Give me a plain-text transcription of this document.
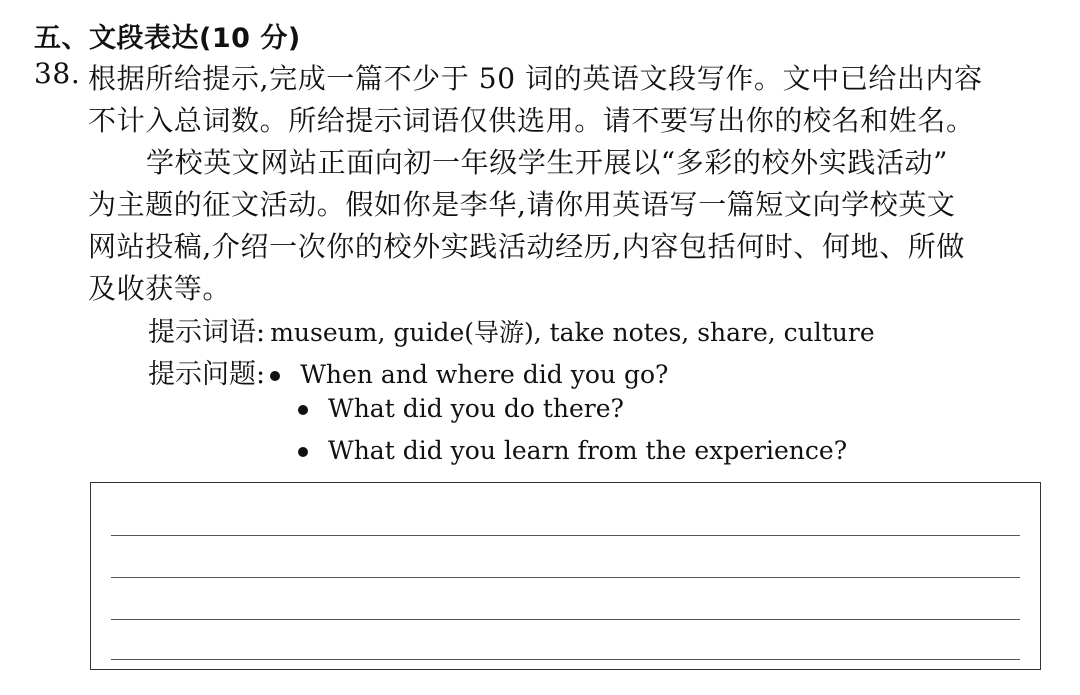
五、文段表达(10 分)
38. 根据所给提示,完成一篇不少于 50 词的英语文段写作。文中已给出内容
不计入总词数。所给提示词语仅供选用。请不要写出你的校名和姓名。
学校英文网站正面向初一年级学生开展以“多彩的校外实践活动”
为主题的征文活动。假如你是李华,请你用英语写一篇短文向学校英文
网站投稿,介绍一次你的校外实践活动经历,内容包括何时、何地、所做
及收获等。
提示词语: museum, guide(导游), take notes, share, culture
提示问题: When and where did you go?
What did you do there?
What did you learn from the experience?
